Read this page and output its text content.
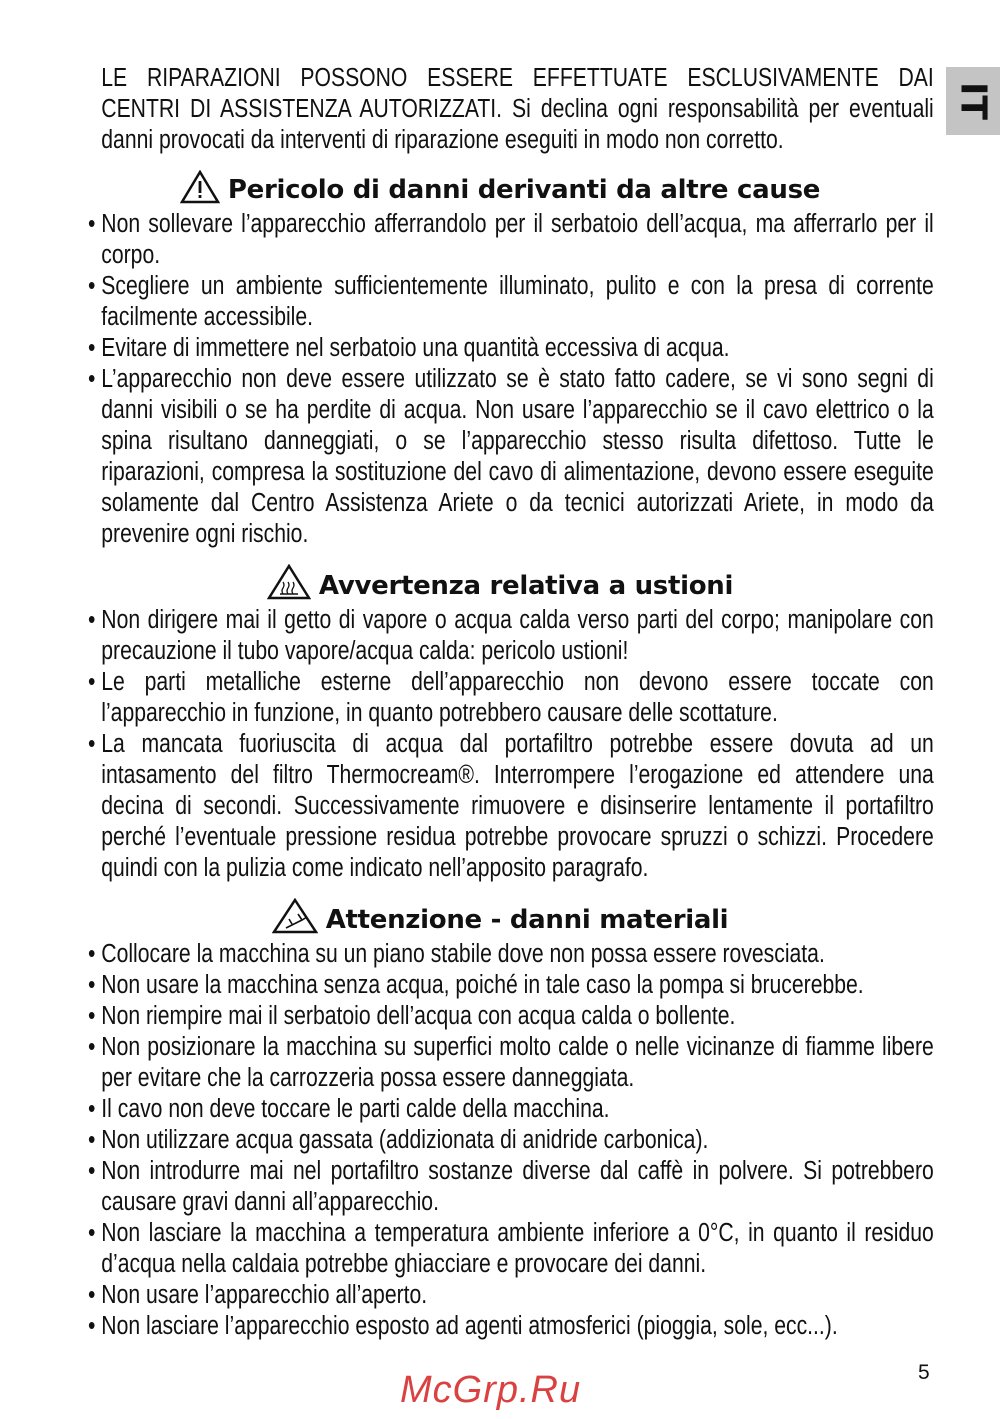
IT
LE RIPARAZIONI POSSONO ESSERE EFFETTUATE ESCLUSIVAMENTE DAI CENTRI DI ASSISTENZA AUTORIZZATI. Si declina ogni responsabilità per eventuali danni provocati da interventi di riparazione eseguiti in modo non corretto.
Pericolo di danni derivanti da altre cause
• Non sollevare l’apparecchio afferrandolo per il serbatoio dell’acqua, ma afferrarlo per il corpo.
• Scegliere un ambiente sufficientemente illuminato, pulito e con la presa di corrente facilmente accessibile.
• Evitare di immettere nel serbatoio una quantità eccessiva di acqua.
• L’apparecchio non deve essere utilizzato se è stato fatto cadere, se vi sono segni di danni visibili o se ha perdite di acqua. Non usare l’apparecchio se il cavo elettrico o la spina risultano danneggiati, o se l’apparecchio stesso risulta difettoso. Tutte le riparazioni, compresa la sostituzione del cavo di alimentazione, devono essere eseguite solamente dal Centro Assistenza Ariete o da tecnici autorizzati Ariete, in modo da prevenire ogni rischio.
Avvertenza relativa a ustioni
• Non dirigere mai il getto di vapore o acqua calda verso parti del corpo; manipolare con precauzione il tubo vapore/acqua calda: pericolo ustioni!
• Le parti metalliche esterne dell’apparecchio non devono essere toccate con l’apparecchio in funzione, in quanto potrebbero causare delle scottature.
• La mancata fuoriuscita di acqua dal portafiltro potrebbe essere dovuta ad un intasamento del filtro Thermocream®. Interrompere l’erogazione ed attendere una decina di secondi. Successivamente rimuovere e disinserire lentamente il portafiltro perché l’eventuale pressione residua potrebbe provocare spruzzi o schizzi. Procedere quindi con la pulizia come indicato nell’apposito paragrafo.
Attenzione - danni materiali
• Collocare la macchina su un piano stabile dove non possa essere rovesciata.
• Non usare la macchina senza acqua, poiché in tale caso la pompa si brucerebbe.
• Non riempire mai il serbatoio dell’acqua con acqua calda o bollente.
• Non posizionare la macchina su superfici molto calde o nelle vicinanze di fiamme libere per evitare che la carrozzeria possa essere danneggiata.
• Il cavo non deve toccare le parti calde della macchina.
• Non utilizzare acqua gassata (addizionata di anidride carbonica).
• Non introdurre mai nel portafiltro sostanze diverse dal caffè in polvere. Si potrebbero causare gravi danni all’apparecchio.
• Non lasciare la macchina a temperatura ambiente inferiore a 0°C, in quanto il residuo d’acqua nella caldaia potrebbe ghiacciare e provocare dei danni.
• Non usare l’apparecchio all’aperto.
• Non lasciare l’apparecchio esposto ad agenti atmosferici (pioggia, sole, ecc...).
McGrp.Ru	5
